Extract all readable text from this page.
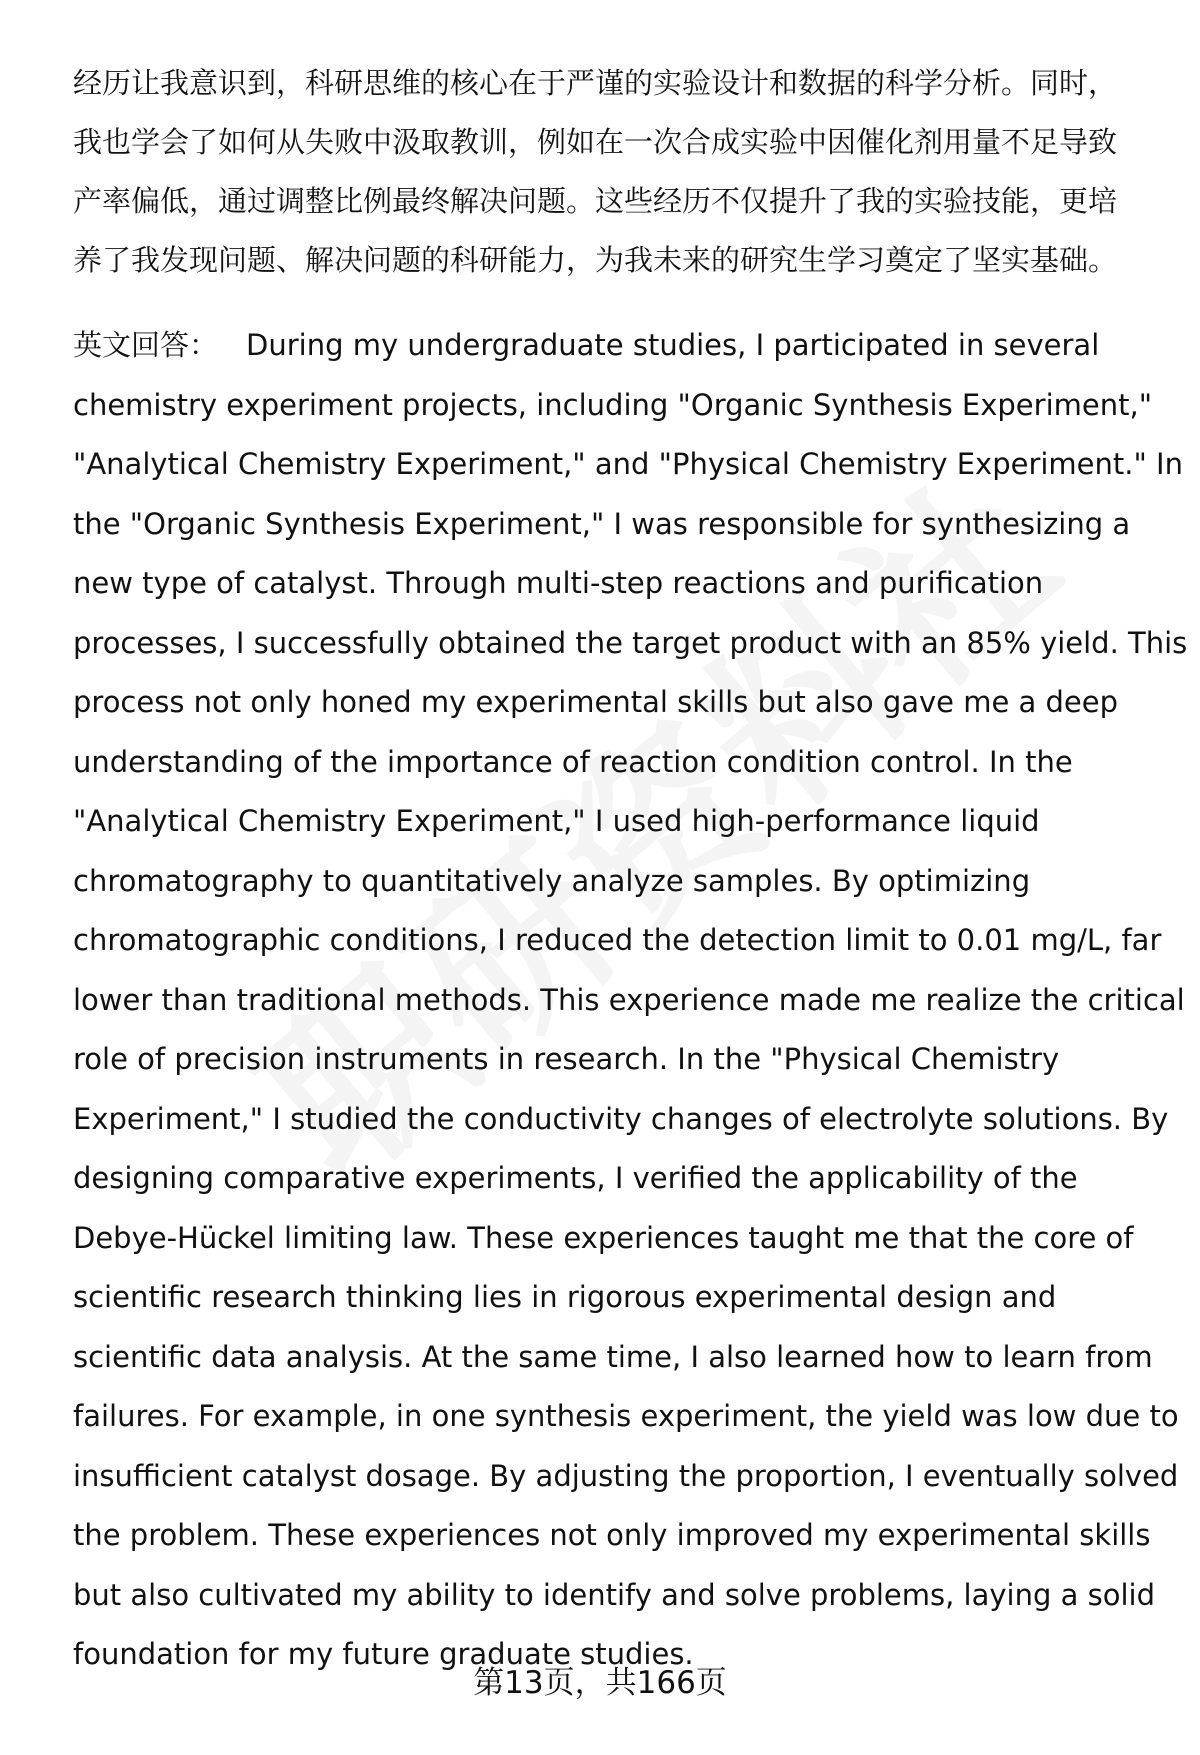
经历让我意识到，科研思维的核心在于严谨的实验设计和数据的科学分析。同时，
我也学会了如何从失败中汲取教训，例如在一次合成实验中因催化剂用量不足导致
产率偏低，通过调整比例最终解决问题。这些经历不仅提升了我的实验技能，更培
养了我发现问题、解决问题的科研能力，为我未来的研究生学习奠定了坚实基础。

英文回答： During my undergraduate studies, I participated in several
chemistry experiment projects, including "Organic Synthesis Experiment,"
"Analytical Chemistry Experiment," and "Physical Chemistry Experiment." In
the "Organic Synthesis Experiment," I was responsible for synthesizing a
new type of catalyst. Through multi-step reactions and purification
processes, I successfully obtained the target product with an 85% yield. This
process not only honed my experimental skills but also gave me a deep
understanding of the importance of reaction condition control. In the
"Analytical Chemistry Experiment," I used high-performance liquid
chromatography to quantitatively analyze samples. By optimizing
chromatographic conditions, I reduced the detection limit to 0.01 mg/L, far
lower than traditional methods. This experience made me realize the critical
role of precision instruments in research. In the "Physical Chemistry
Experiment," I studied the conductivity changes of electrolyte solutions. By
designing comparative experiments, I verified the applicability of the
Debye-Hückel limiting law. These experiences taught me that the core of
scientific research thinking lies in rigorous experimental design and
scientific data analysis. At the same time, I also learned how to learn from
failures. For example, in one synthesis experiment, the yield was low due to
insufficient catalyst dosage. By adjusting the proportion, I eventually solved
the problem. These experiences not only improved my experimental skills
but also cultivated my ability to identify and solve problems, laying a solid
foundation for my future graduate studies.

第13页，共166页
